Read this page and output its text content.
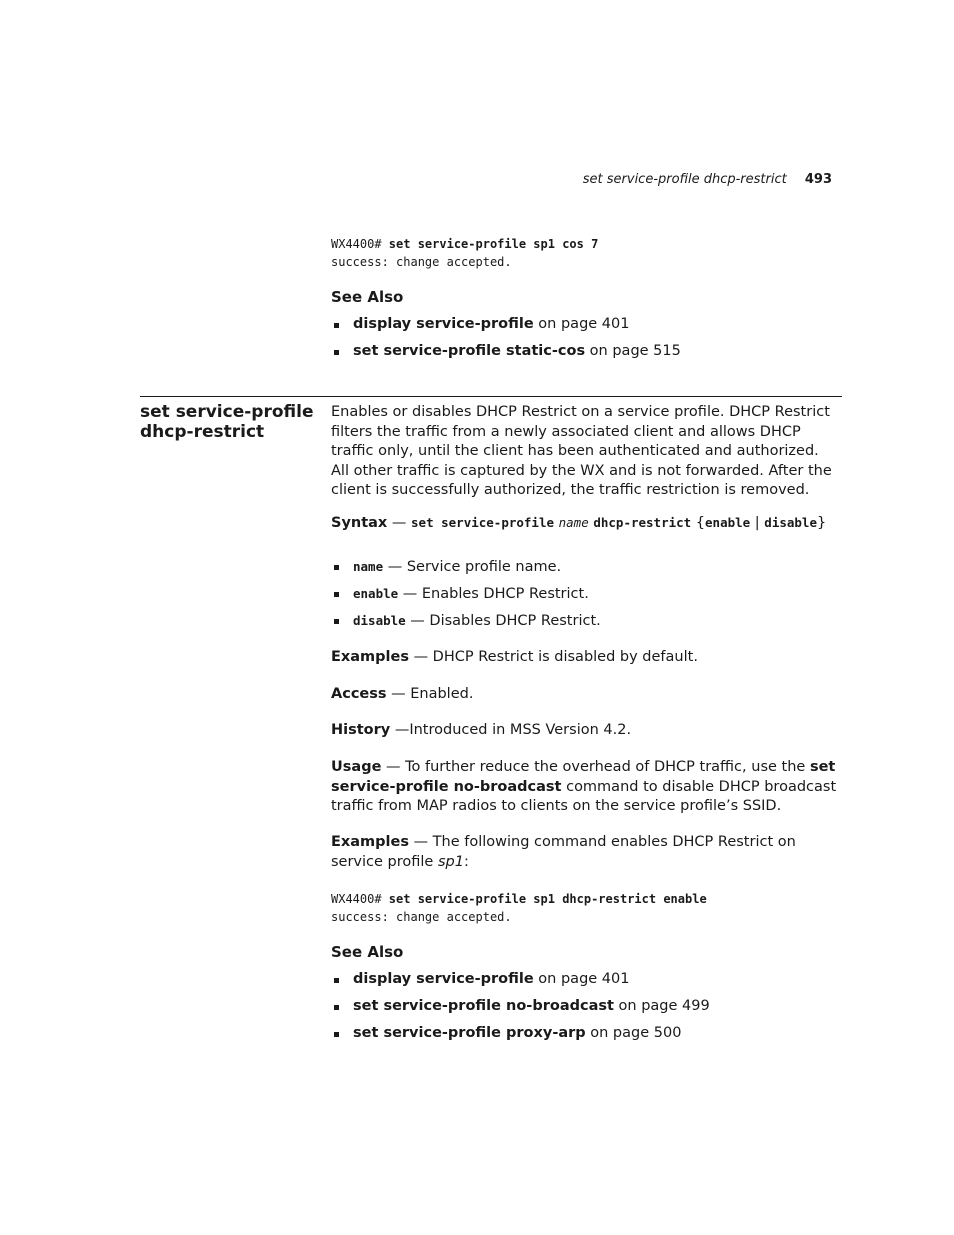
set service-profile dhcp-restrict 493
WX4400# set service-profile sp1 cos 7
success: change accepted.
See Also
display service-profile on page 401
set service-profile static-cos on page 515
set service-profile dhcp-restrict
Enables or disables DHCP Restrict on a service profile. DHCP Restrict filters the traffic from a newly associated client and allows DHCP traffic only, until the client has been authenticated and authorized. All other traffic is captured by the WX and is not forwarded. After the client is successfully authorized, the traffic restriction is removed.
Syntax — set service-profile name dhcp-restrict {enable | disable}
name — Service profile name.
enable — Enables DHCP Restrict.
disable — Disables DHCP Restrict.
Examples — DHCP Restrict is disabled by default.
Access — Enabled.
History —Introduced in MSS Version 4.2.
Usage — To further reduce the overhead of DHCP traffic, use the set service-profile no-broadcast command to disable DHCP broadcast traffic from MAP radios to clients on the service profile’s SSID.
Examples — The following command enables DHCP Restrict on service profile sp1:
WX4400# set service-profile sp1 dhcp-restrict enable
success: change accepted.
See Also
display service-profile on page 401
set service-profile no-broadcast on page 499
set service-profile proxy-arp on page 500
